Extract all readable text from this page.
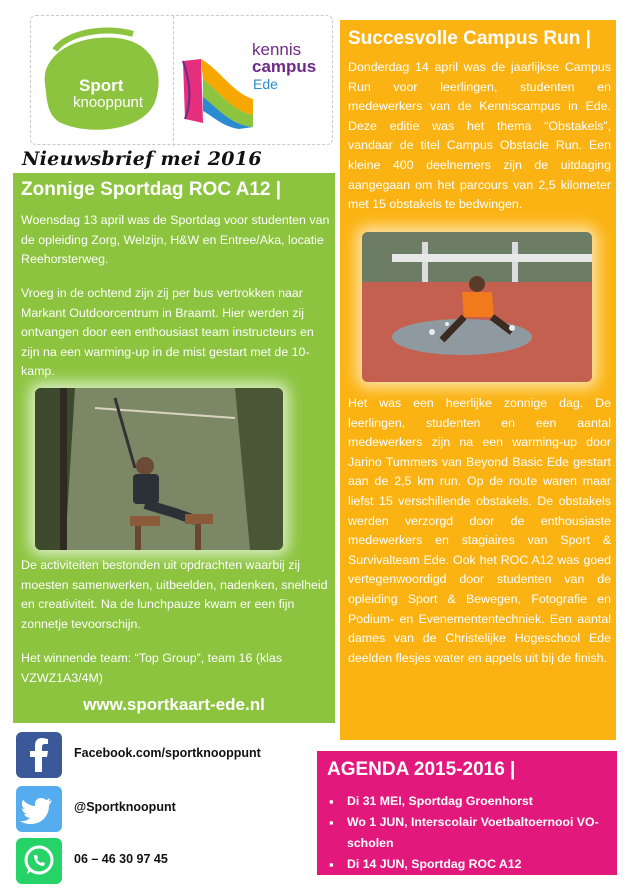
Sport
knooppunt
kennis
campus
Ede
Nieuwsbrief mei 2016
Zonnige Sportdag ROC A12 |

Woensdag 13 april was de Sportdag voor studenten van de opleiding Zorg, Welzijn, H&W en Entree/Aka, locatie Reehorsterweg.

Vroeg in de ochtend zijn zij per bus vertrokken naar Markant Outdoorcentrum in Braamt. Hier werden zij ontvangen door een enthousiast team instructeurs en zijn na een warming-up in de mist gestart met de 10-kamp.

De activiteiten bestonden uit opdrachten waarbij zij moesten samenwerken, uitbeelden, nadenken, snelheid en creativiteit. Na de lunchpauze kwam er een fijn zonnetje tevoorschijn.

Het winnende team: “Top Group”, team 16 (klas VZWZ1A3/4M)

www.sportkaart-ede.nl
Succesvolle Campus Run |

Donderdag 14 april was de jaarlijkse Campus Run voor leerlingen, studenten en medewerkers van de Kenniscampus in Ede. Deze editie was het thema “Obstakels”, vandaar de titel Campus Obstacle Run. Een kleine 400 deelnemers zijn de uitdaging aangegaan om het parcours van 2,5 kilometer met 15 obstakels te bedwingen.

Het was een heerlijke zonnige dag. De leerlingen, studenten en een aantal medewerkers zijn na een warming-up door Jarino Tummers van Beyond Basic Ede gestart aan de 2,5 km run. Op de route waren maar liefst 15 verschillende obstakels. De obstakels werden verzorgd door de enthousiaste medewerkers en stagiaires van Sport & Survivalteam Ede. Ook het ROC A12 was goed vertegenwoordigd door studenten van de opleiding Sport & Bewegen, Fotografie en Podium- en Evenemententechniek. Een aantal dames van de Christelijke Hogeschool Ede deelden flesjes water en appels uit bij de finish.

Facebook.com/sportknooppunt
@Sportknoopunt
06 – 46 30 97 45
AGENDA 2015-2016 |
▪ Di 31 MEI, Sportdag Groenhorst
▪ Wo 1 JUN, Interscolair Voetbaltoernooi VO-scholen
▪ Di 14 JUN, Sportdag ROC A12
